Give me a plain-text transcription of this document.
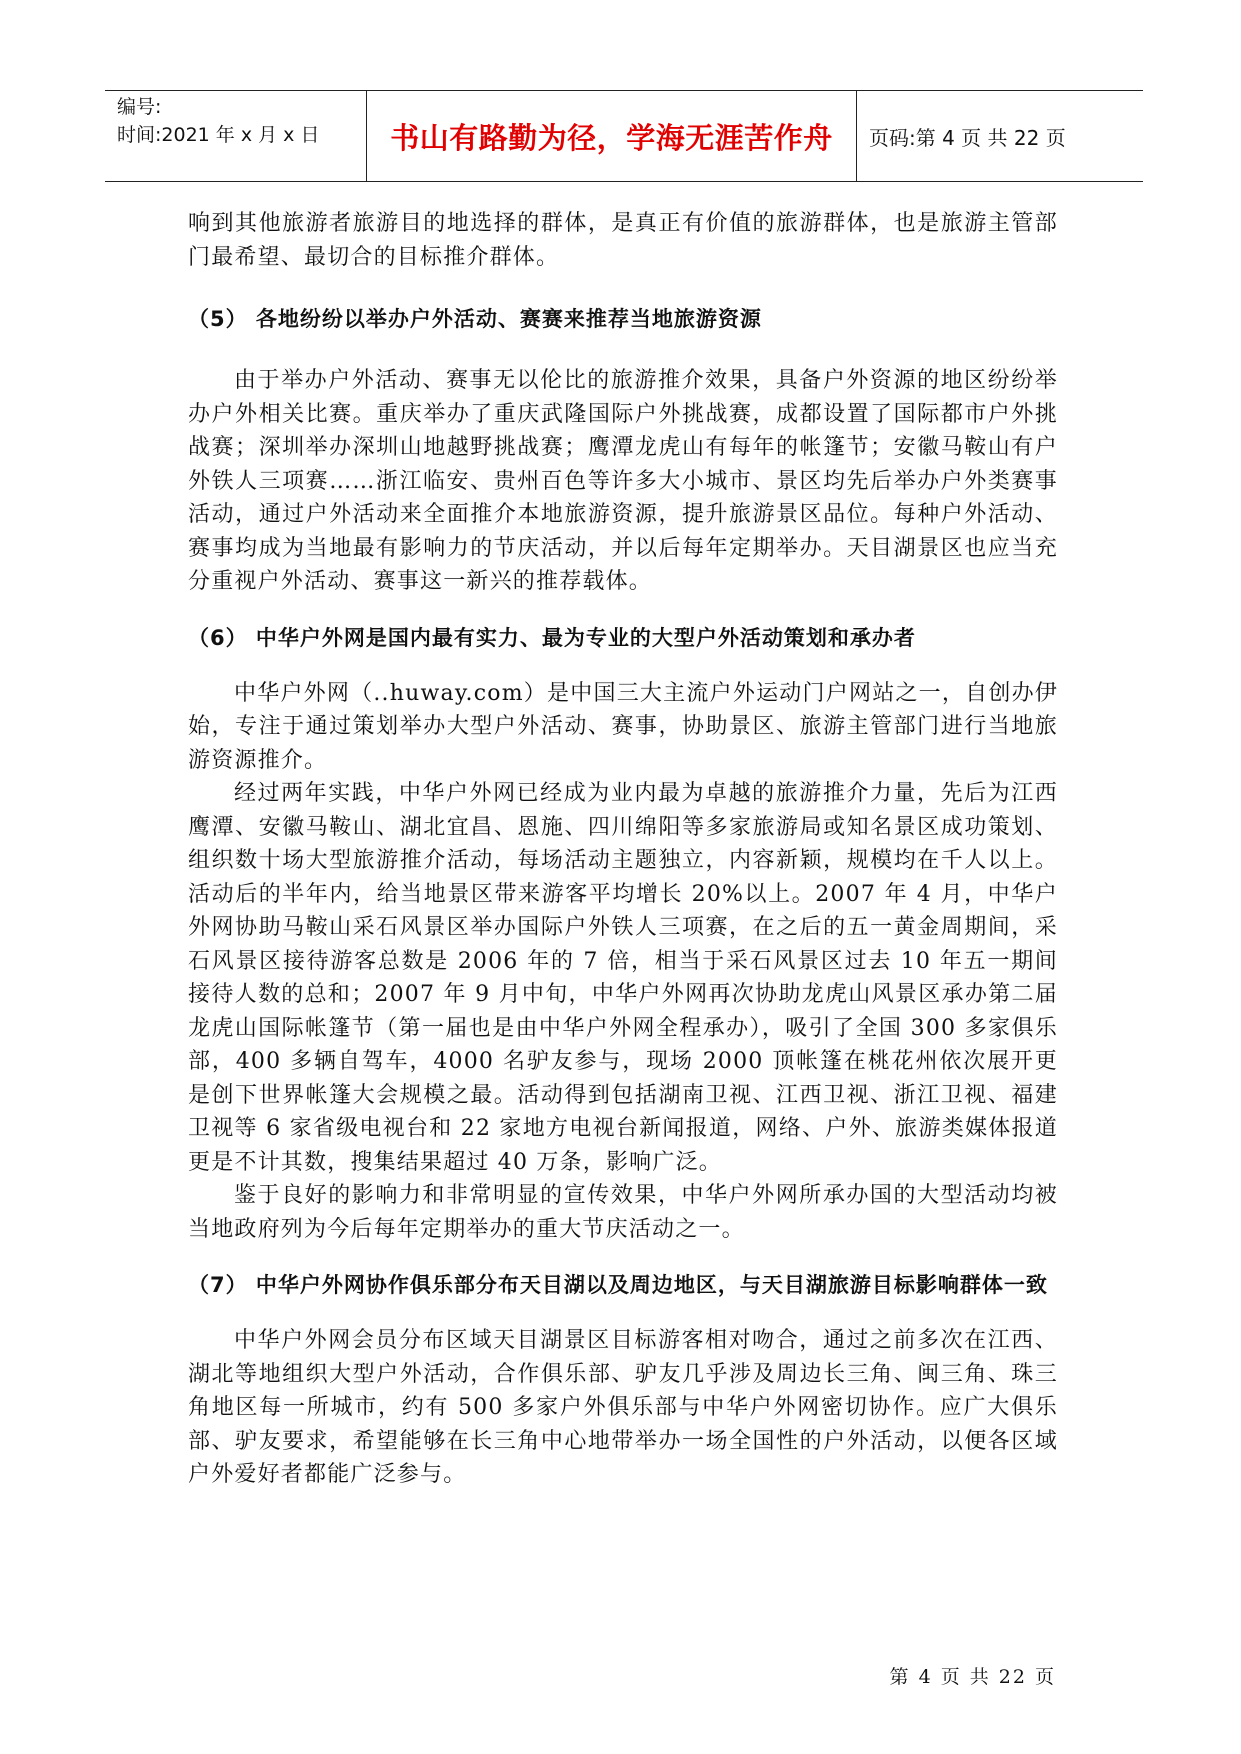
编号:
时间:2021 年 x 月 x 日	书山有路勤为径，学海无涯苦作舟	页码:第 4 页 共 22 页

响到其他旅游者旅游目的地选择的群体，是真正有价值的旅游群体，也是旅游主管部门最希望、最切合的目标推介群体。

（5） 各地纷纷以举办户外活动、赛赛来推荐当地旅游资源

由于举办户外活动、赛事无以伦比的旅游推介效果，具备户外资源的地区纷纷举办户外相关比赛。重庆举办了重庆武隆国际户外挑战赛，成都设置了国际都市户外挑战赛；深圳举办深圳山地越野挑战赛；鹰潭龙虎山有每年的帐篷节；安徽马鞍山有户外铁人三项赛……浙江临安、贵州百色等许多大小城市、景区均先后举办户外类赛事活动，通过户外活动来全面推介本地旅游资源，提升旅游景区品位。每种户外活动、赛事均成为当地最有影响力的节庆活动，并以后每年定期举办。天目湖景区也应当充分重视户外活动、赛事这一新兴的推荐载体。

（6） 中华户外网是国内最有实力、最为专业的大型户外活动策划和承办者

中华户外网（..huway.com）是中国三大主流户外运动门户网站之一，自创办伊始，专注于通过策划举办大型户外活动、赛事，协助景区、旅游主管部门进行当地旅游资源推介。

经过两年实践，中华户外网已经成为业内最为卓越的旅游推介力量，先后为江西鹰潭、安徽马鞍山、湖北宜昌、恩施、四川绵阳等多家旅游局或知名景区成功策划、组织数十场大型旅游推介活动，每场活动主题独立，内容新颖，规模均在千人以上。活动后的半年内，给当地景区带来游客平均增长 20%以上。2007 年 4 月，中华户外网协助马鞍山采石风景区举办国际户外铁人三项赛，在之后的五一黄金周期间，采石风景区接待游客总数是 2006 年的 7 倍，相当于采石风景区过去 10 年五一期间接待人数的总和；2007 年 9 月中旬，中华户外网再次协助龙虎山风景区承办第二届龙虎山国际帐篷节（第一届也是由中华户外网全程承办），吸引了全国 300 多家俱乐部，400 多辆自驾车，4000 名驴友参与，现场 2000 顶帐篷在桃花州依次展开更是创下世界帐篷大会规模之最。活动得到包括湖南卫视、江西卫视、浙江卫视、福建卫视等 6 家省级电视台和 22 家地方电视台新闻报道，网络、户外、旅游类媒体报道更是不计其数，搜集结果超过 40 万条，影响广泛。

鉴于良好的影响力和非常明显的宣传效果，中华户外网所承办国的大型活动均被当地政府列为今后每年定期举办的重大节庆活动之一。

（7） 中华户外网协作俱乐部分布天目湖以及周边地区，与天目湖旅游目标影响群体一致

中华户外网会员分布区域天目湖景区目标游客相对吻合，通过之前多次在江西、湖北等地组织大型户外活动，合作俱乐部、驴友几乎涉及周边长三角、闽三角、珠三角地区每一所城市，约有 500 多家户外俱乐部与中华户外网密切协作。应广大俱乐部、驴友要求，希望能够在长三角中心地带举办一场全国性的户外活动，以便各区域户外爱好者都能广泛参与。

第 4 页 共 22 页
